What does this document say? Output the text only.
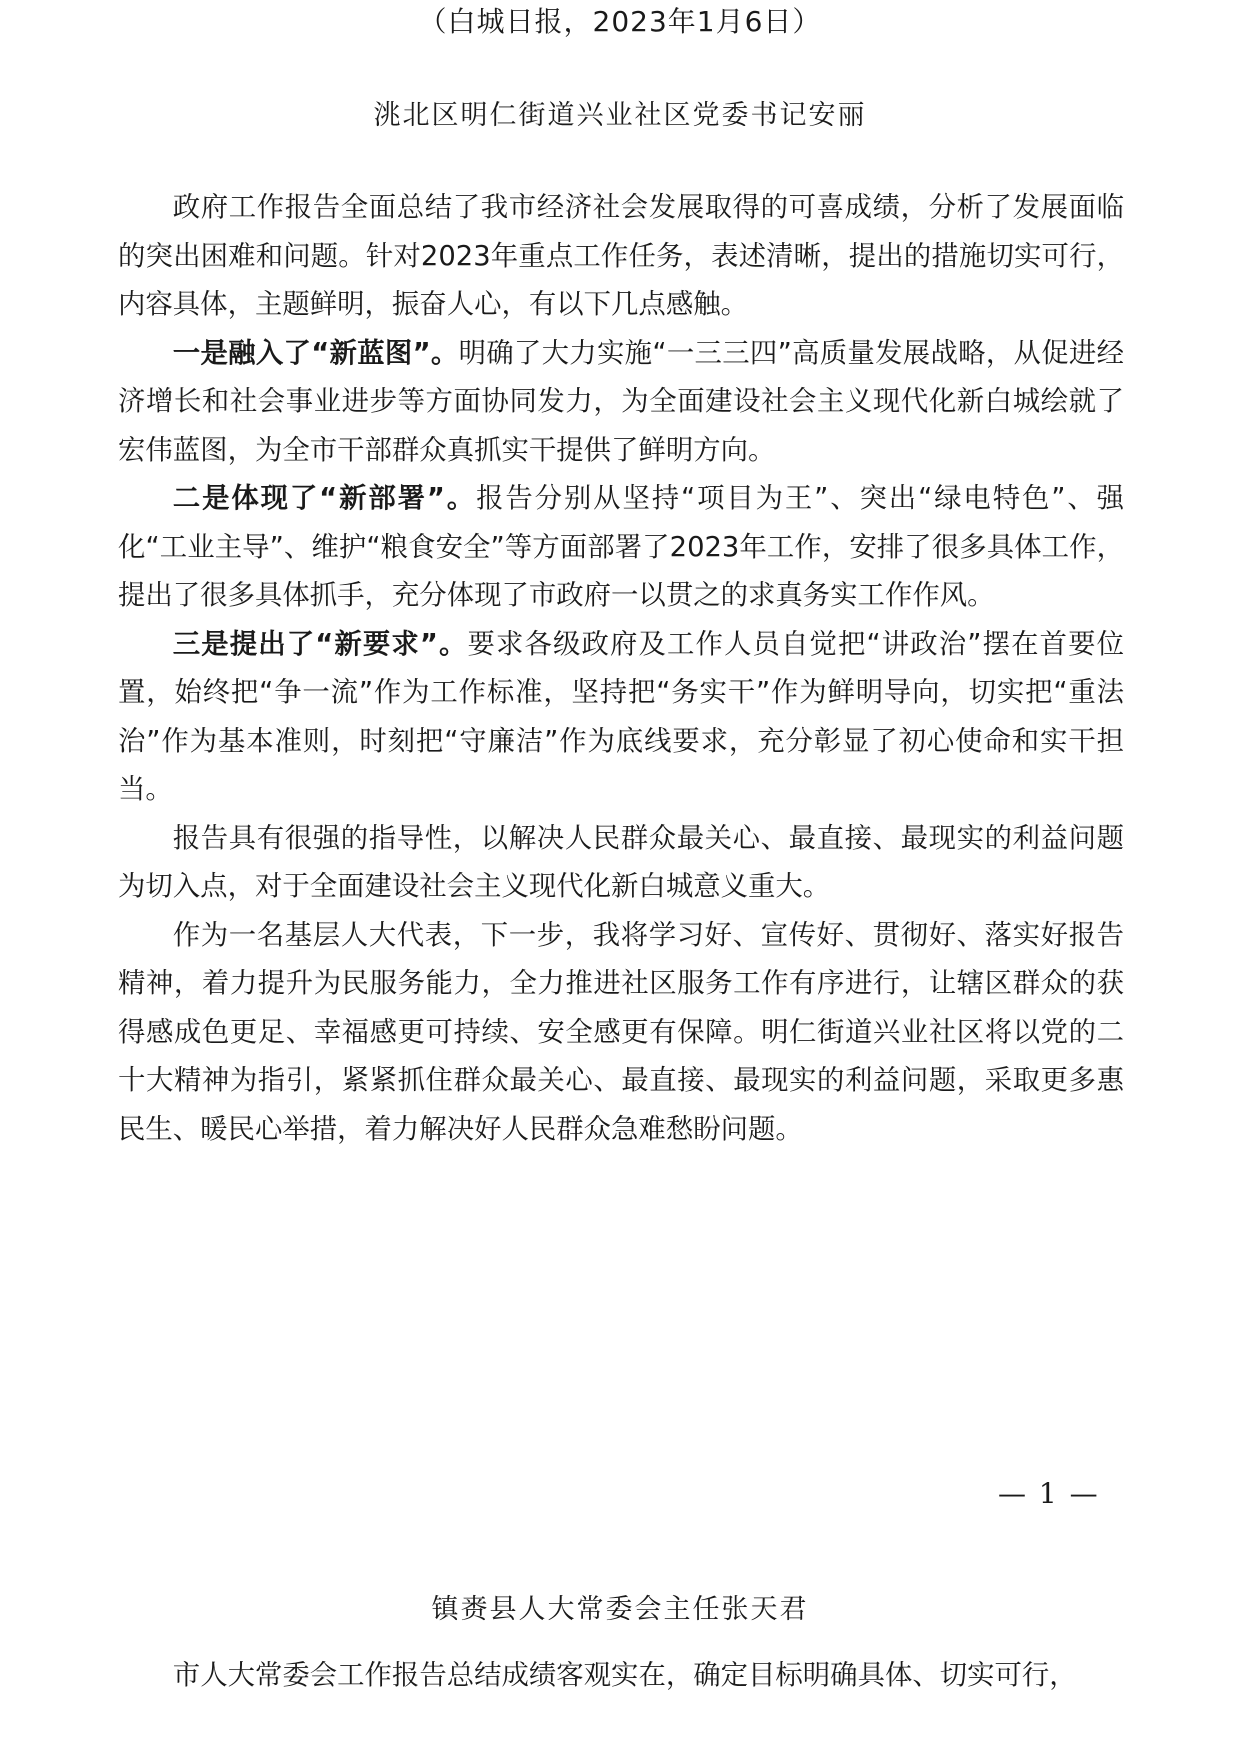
（白城日报，2023年1月6日）
洮北区明仁街道兴业社区党委书记安丽

政府工作报告全面总结了我市经济社会发展取得的可喜成绩，分析了发展面临的突出困难和问题。针对2023年重点工作任务，表述清晰，提出的措施切实可行，内容具体，主题鲜明，振奋人心，有以下几点感触。

一是融入了“新蓝图”。明确了大力实施“一三三四”高质量发展战略，从促进经济增长和社会事业进步等方面协同发力，为全面建设社会主义现代化新白城绘就了宏伟蓝图，为全市干部群众真抓实干提供了鲜明方向。

二是体现了“新部署”。报告分别从坚持“项目为王”、突出“绿电特色”、强化“工业主导”、维护“粮食安全”等方面部署了2023年工作，安排了很多具体工作，提出了很多具体抓手，充分体现了市政府一以贯之的求真务实工作作风。

三是提出了“新要求”。要求各级政府及工作人员自觉把“讲政治”摆在首要位置，始终把“争一流”作为工作标准，坚持把“务实干”作为鲜明导向，切实把“重法治”作为基本准则，时刻把“守廉洁”作为底线要求，充分彰显了初心使命和实干担当。

报告具有很强的指导性，以解决人民群众最关心、最直接、最现实的利益问题为切入点，对于全面建设社会主义现代化新白城意义重大。

作为一名基层人大代表，下一步，我将学习好、宣传好、贯彻好、落实好报告精神，着力提升为民服务能力，全力推进社区服务工作有序进行，让辖区群众的获得感成色更足、幸福感更可持续、安全感更有保障。明仁街道兴业社区将以党的二十大精神为指引，紧紧抓住群众最关心、最直接、最现实的利益问题，采取更多惠民生、暖民心举措，着力解决好人民群众急难愁盼问题。

— 1 —
镇赉县人大常委会主任张天君

市人大常委会工作报告总结成绩客观实在，确定目标明确具体、切实可行，
